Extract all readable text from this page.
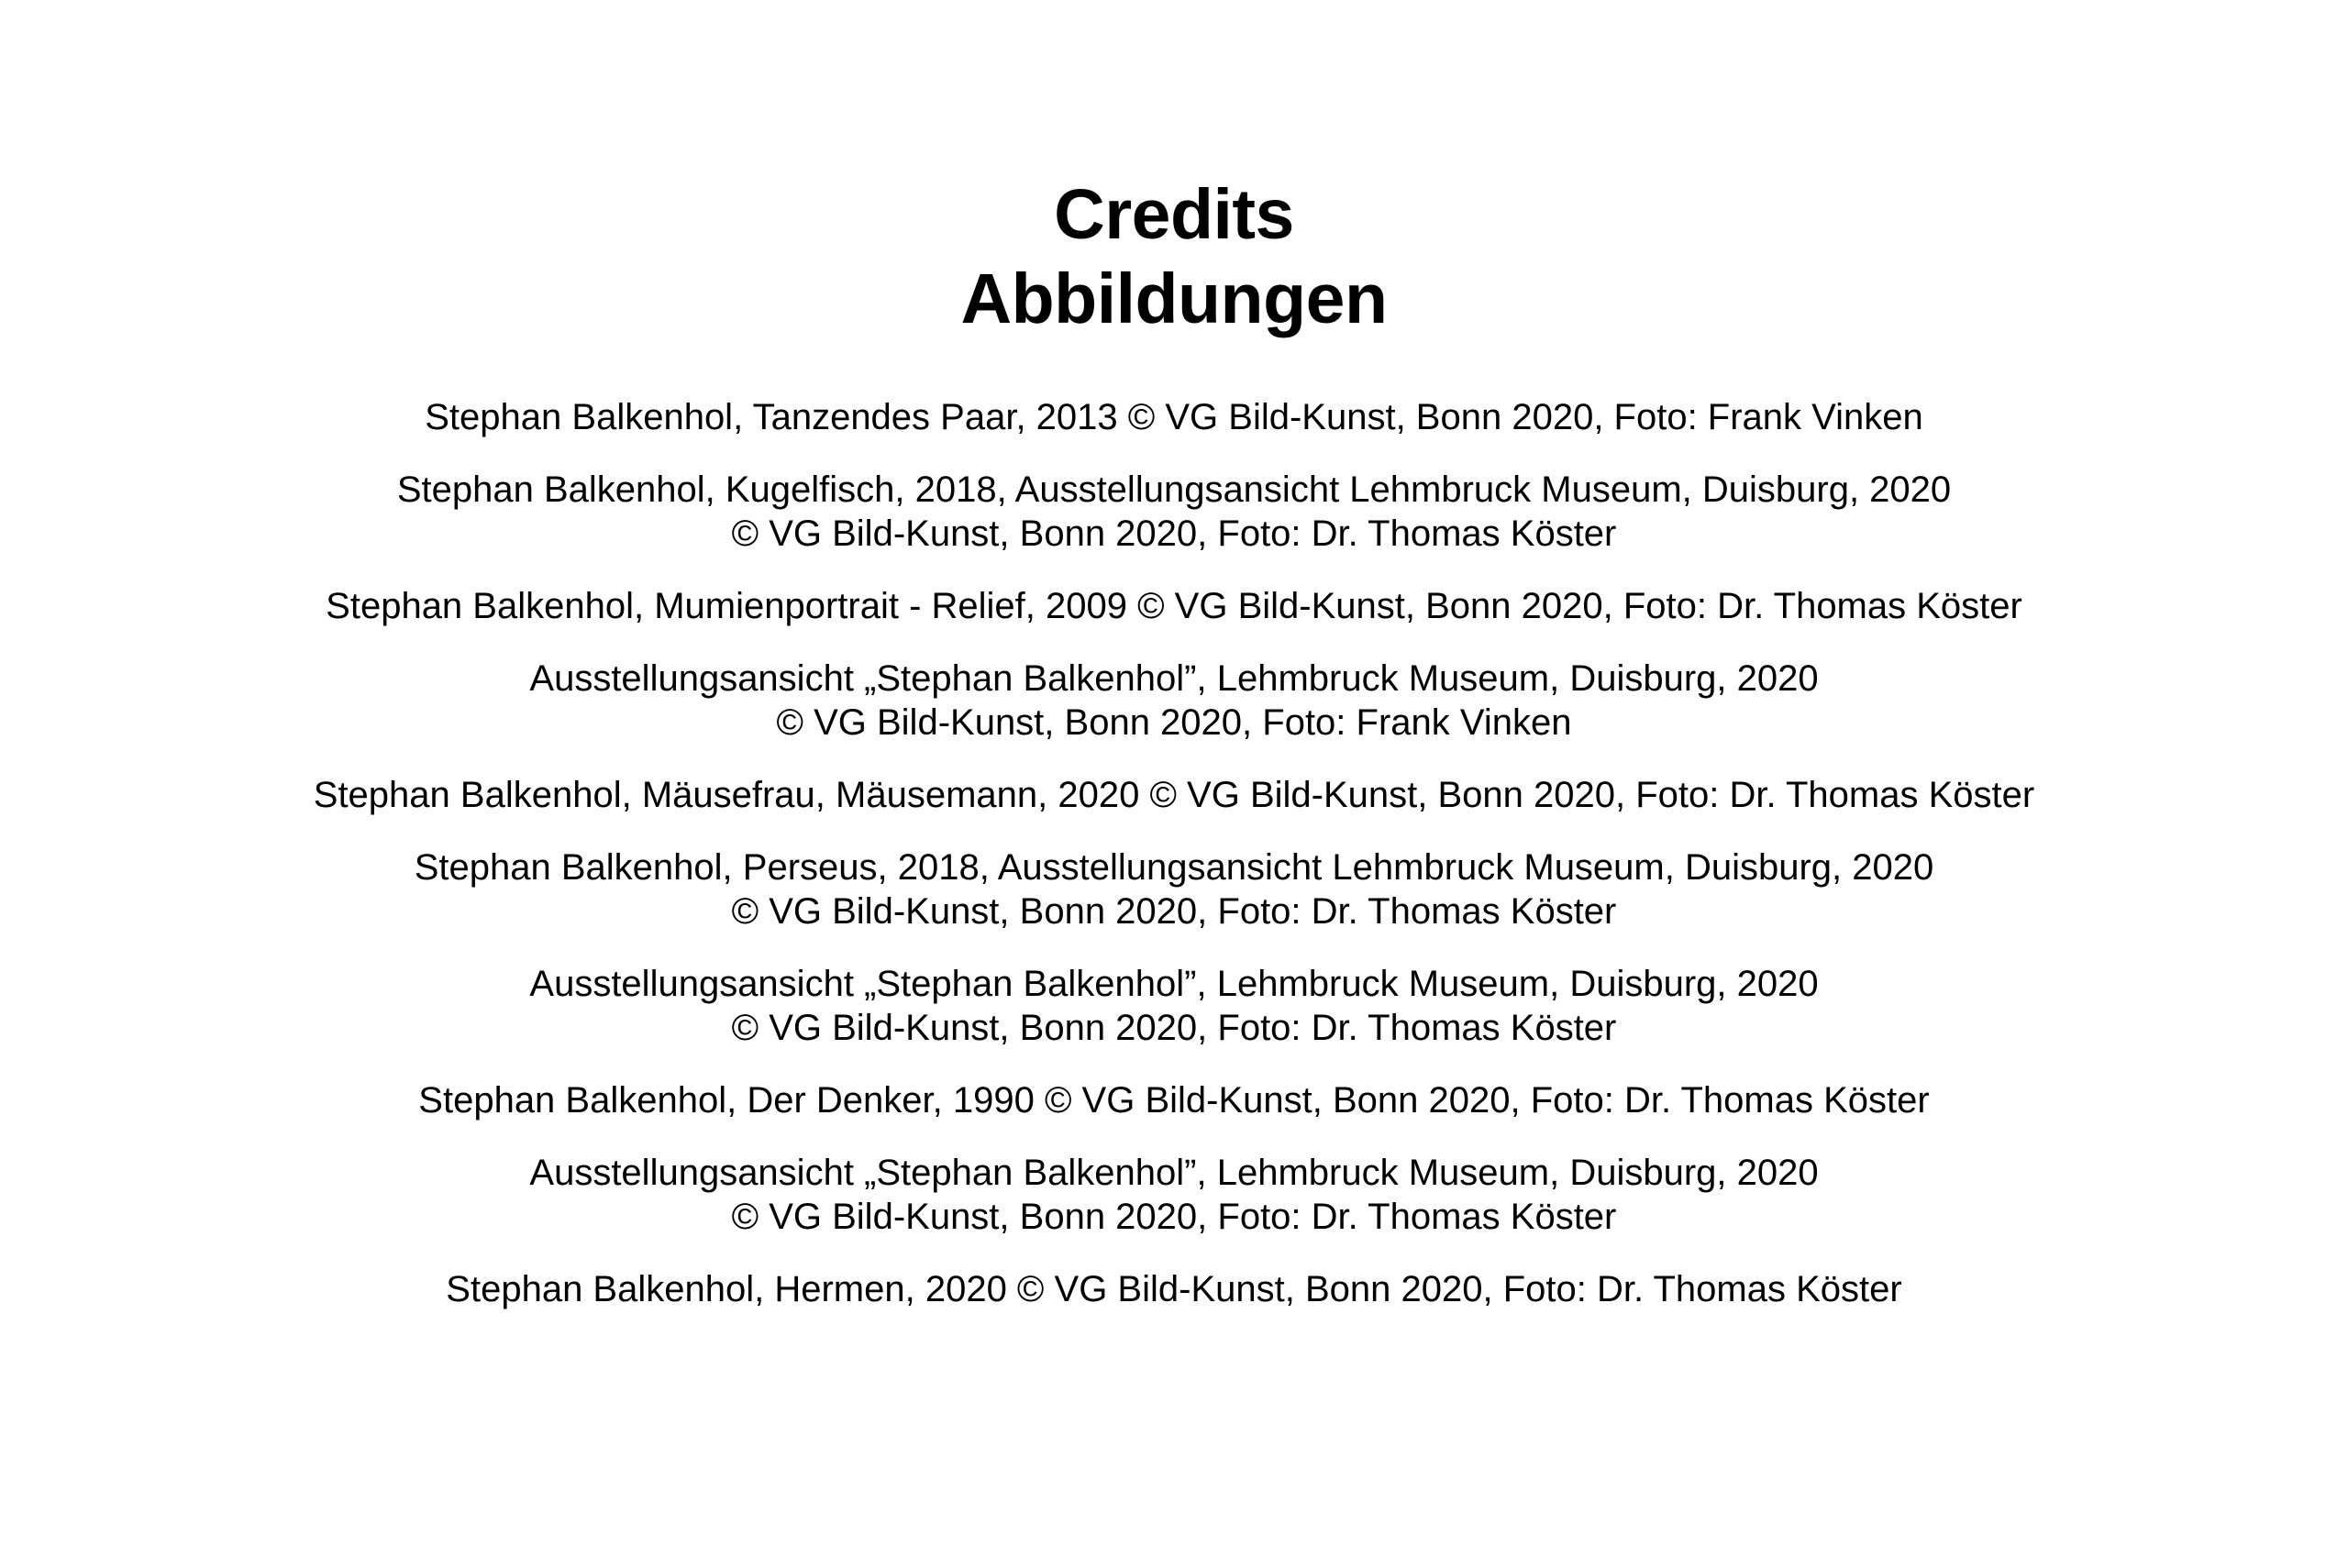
Credits
Abbildungen
Stephan Balkenhol, Tanzendes Paar, 2013 © VG Bild-Kunst, Bonn 2020, Foto: Frank Vinken
Stephan Balkenhol, Kugelfisch, 2018, Ausstellungsansicht Lehmbruck Museum, Duisburg, 2020
© VG Bild-Kunst, Bonn 2020, Foto: Dr. Thomas Köster
Stephan Balkenhol, Mumienportrait - Relief, 2009 © VG Bild-Kunst, Bonn 2020, Foto: Dr. Thomas Köster
Ausstellungsansicht „Stephan Balkenhol”, Lehmbruck Museum, Duisburg, 2020
© VG Bild-Kunst, Bonn 2020, Foto: Frank Vinken
Stephan Balkenhol, Mäusefrau, Mäusemann, 2020 © VG Bild-Kunst, Bonn 2020, Foto: Dr. Thomas Köster
Stephan Balkenhol, Perseus, 2018, Ausstellungsansicht Lehmbruck Museum, Duisburg, 2020
© VG Bild-Kunst, Bonn 2020, Foto: Dr. Thomas Köster
Ausstellungsansicht „Stephan Balkenhol”, Lehmbruck Museum, Duisburg, 2020
© VG Bild-Kunst, Bonn 2020, Foto: Dr. Thomas Köster
Stephan Balkenhol, Der Denker, 1990 © VG Bild-Kunst, Bonn 2020, Foto: Dr. Thomas Köster
Ausstellungsansicht „Stephan Balkenhol”, Lehmbruck Museum, Duisburg, 2020
© VG Bild-Kunst, Bonn 2020, Foto: Dr. Thomas Köster
Stephan Balkenhol, Hermen, 2020 © VG Bild-Kunst, Bonn 2020, Foto: Dr. Thomas Köster
